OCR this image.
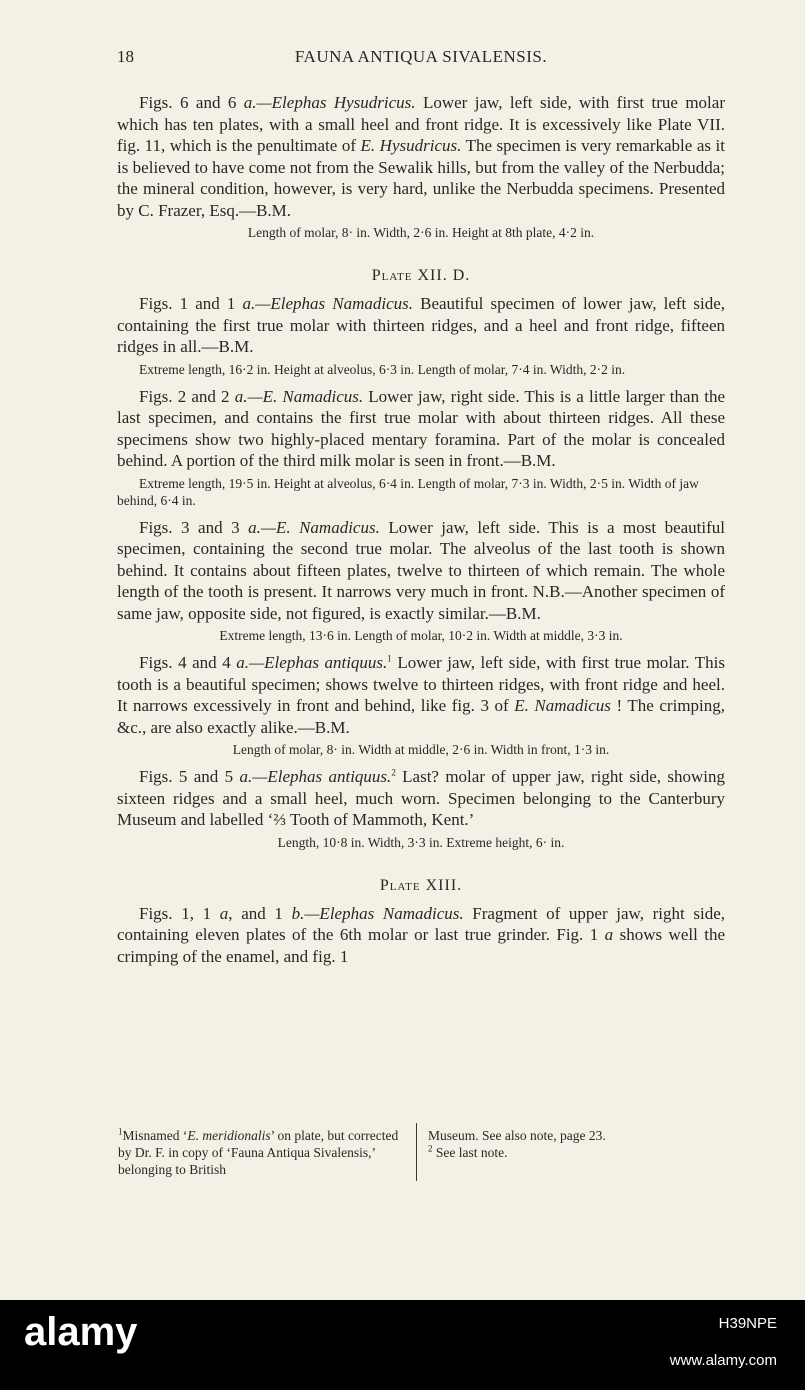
18	FAUNA ANTIQUA SIVALENSIS.

Figs. 6 and 6 a.—Elephas Hysudricus. Lower jaw, left side, with first true molar which has ten plates, with a small heel and front ridge. It is excessively like Plate VII. fig. 11, which is the penultimate of E. Hysudricus. The specimen is very remarkable as it is believed to have come not from the Sewalik hills, but from the valley of the Nerbudda; the mineral condition, however, is very hard, unlike the Nerbudda specimens. Presented by C. Frazer, Esq.—B.M.

Length of molar, 8· in. Width, 2·6 in. Height at 8th plate, 4·2 in.

Plate XII. D.

Figs. 1 and 1 a.—Elephas Namadicus. Beautiful specimen of lower jaw, left side, containing the first true molar with thirteen ridges, and a heel and front ridge, fifteen ridges in all.—B.M.

Extreme length, 16·2 in. Height at alveolus, 6·3 in. Length of molar, 7·4 in. Width, 2·2 in.

Figs. 2 and 2 a.—E. Namadicus. Lower jaw, right side. This is a little larger than the last specimen, and contains the first true molar with about thirteen ridges. All these specimens show two highly-placed mentary foramina. Part of the molar is concealed behind. A portion of the third milk molar is seen in front.—B.M.

Extreme length, 19·5 in. Height at alveolus, 6·4 in. Length of molar, 7·3 in. Width, 2·5 in. Width of jaw behind, 6·4 in.

Figs. 3 and 3 a.—E. Namadicus. Lower jaw, left side. This is a most beautiful specimen, containing the second true molar. The alveolus of the last tooth is shown behind. It contains about fifteen plates, twelve to thirteen of which remain. The whole length of the tooth is present. It narrows very much in front. N.B.—Another specimen of same jaw, opposite side, not figured, is exactly similar.—B.M.

Extreme length, 13·6 in. Length of molar, 10·2 in. Width at middle, 3·3 in.

Figs. 4 and 4 a.—Elephas antiquus.$^1$ Lower jaw, left side, with first true molar. This tooth is a beautiful specimen; shows twelve to thirteen ridges, with front ridge and heel. It narrows excessively in front and behind, like fig. 3 of E. Namadicus ! The crimping, &c., are also exactly alike.—B.M.

Length of molar, 8· in. Width at middle, 2·6 in. Width in front, 1·3 in.

Figs. 5 and 5 a.—Elephas antiquus.$^2$ Last? molar of upper jaw, right side, showing sixteen ridges and a small heel, much worn. Specimen belonging to the Canterbury Museum and labelled ‘⅔ Tooth of Mammoth, Kent.’

Length, 10·8 in. Width, 3·3 in. Extreme height, 6· in.

Plate XIII.

Figs. 1, 1 a, and 1 b.—Elephas Namadicus. Fragment of upper jaw, right side, containing eleven plates of the 6th molar or last true grinder. Fig. 1 a shows well the crimping of the enamel, and fig. 1

$^1$Misnamed ‘E. meridionalis’ on plate, but corrected by Dr. F. in copy of ‘Fauna Antiqua Sivalensis,’ belonging to British
Museum. See also note, page 23.
$^2$ See last note.
alamy	H39NPE
www.alamy.com
